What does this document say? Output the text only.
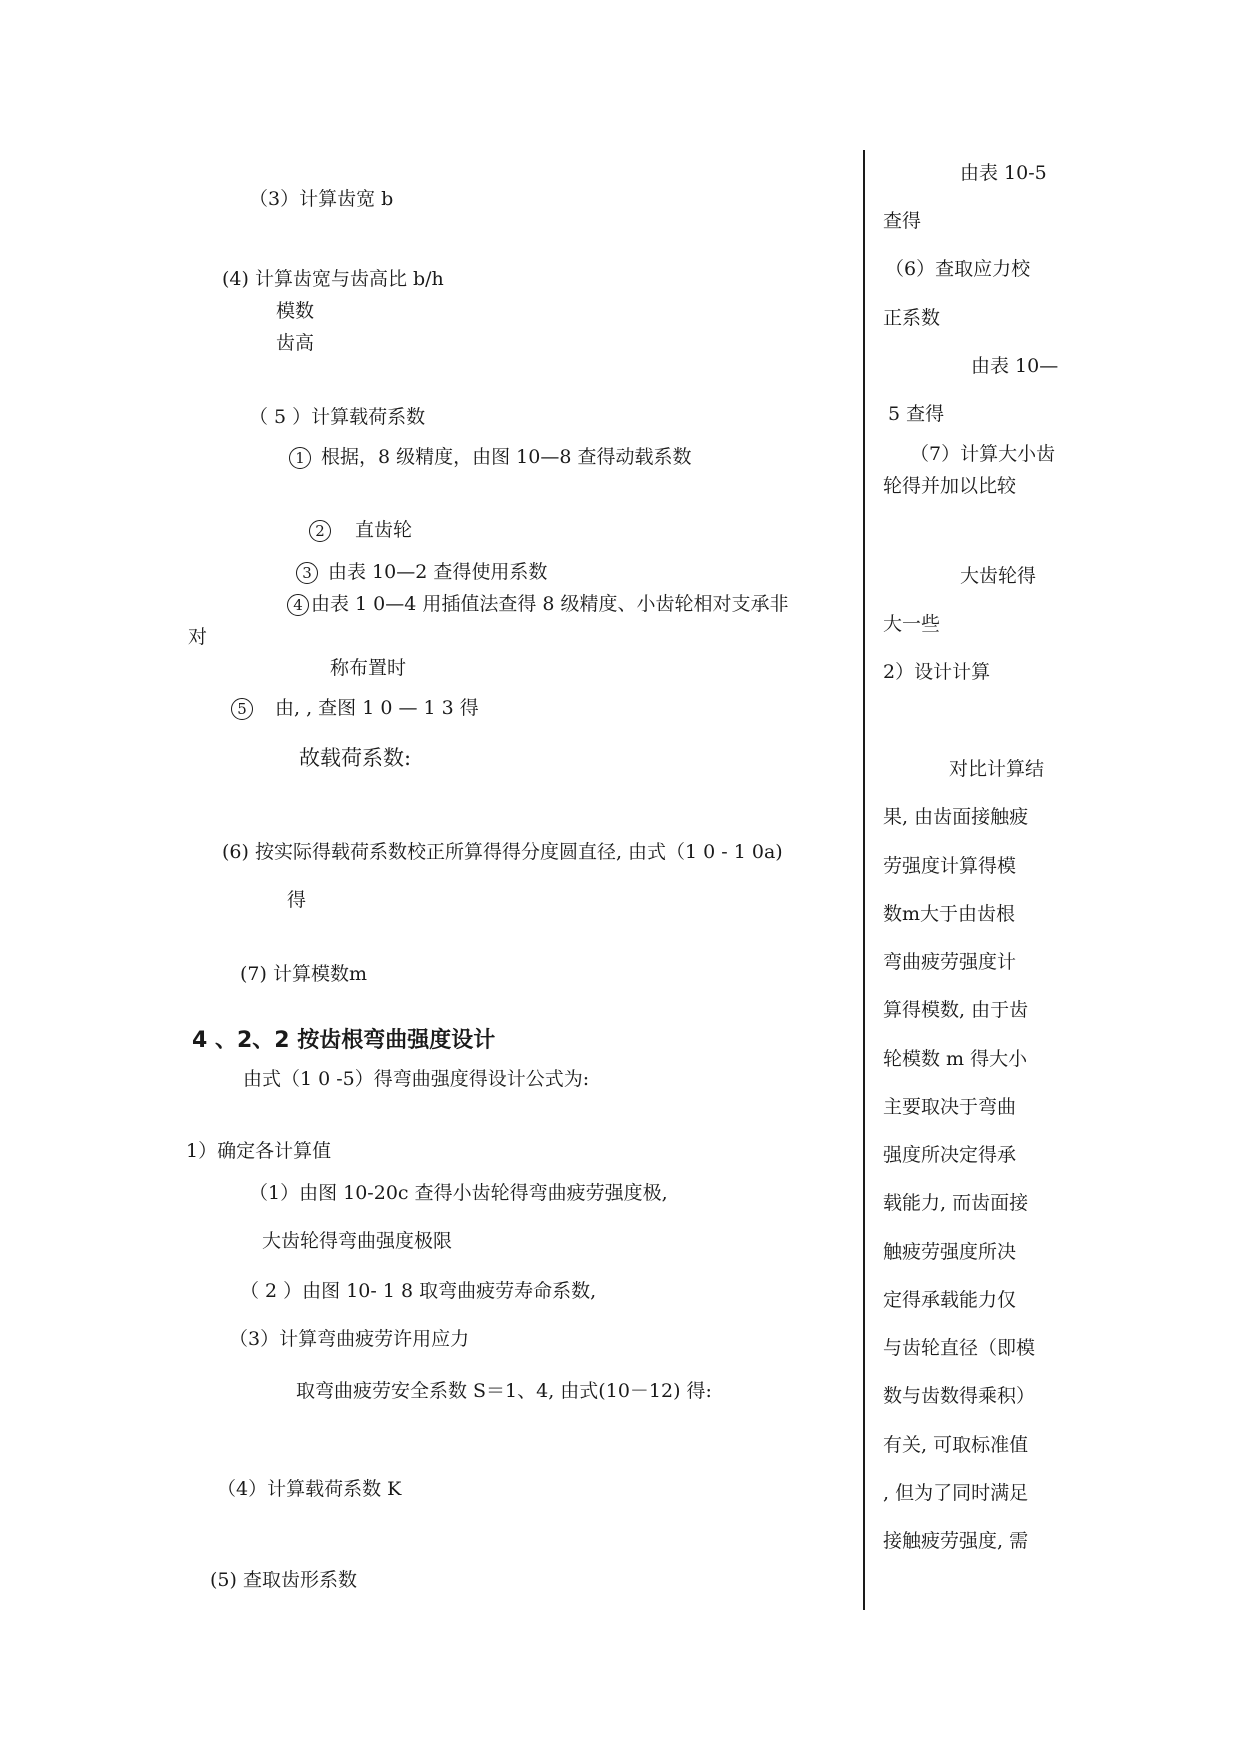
（3）计算齿宽 b
(4) 计算齿宽与齿高比 b/h
模数
齿高
（ 5 ）计算载荷系数
1 根据，8 级精度，由图 10—8 查得动载系数
2 直齿轮
3 由表 10—2 查得使用系数
4 由表 1 0—4 用插值法查得 8 级精度、小齿轮相对支承非
对
称布置时
5 由, , 查图 1 0 — 1 3 得
故载荷系数:
(6) 按实际得载荷系数校正所算得得分度圆直径, 由式（1 0 - 1 0a)
得
(7) 计算模数m
4 、2、2 按齿根弯曲强度设计
由式（1 0 -5）得弯曲强度得设计公式为:
1）确定各计算值
（1）由图 10-20c 查得小齿轮得弯曲疲劳强度极,
大齿轮得弯曲强度极限
（ 2 ）由图 10- 1 8 取弯曲疲劳寿命系数,
（3）计算弯曲疲劳许用应力
取弯曲疲劳安全系数 S＝1、4, 由式(10－12) 得:
（4）计算载荷系数 K
(5) 查取齿形系数
由表 10-5
查得
（6）查取应力校
正系数
由表 10—
5 查得
（7）计算大小齿
轮得并加以比较
大齿轮得
大一些
2）设计计算
对比计算结
果, 由齿面接触疲
劳强度计算得模
数m大于由齿根
弯曲疲劳强度计
算得模数, 由于齿
轮模数 m 得大小
主要取决于弯曲
强度所决定得承
载能力, 而齿面接
触疲劳强度所决
定得承载能力仅
与齿轮直径（即模
数与齿数得乘积）
有关, 可取标准值
, 但为了同时满足
接触疲劳强度, 需
